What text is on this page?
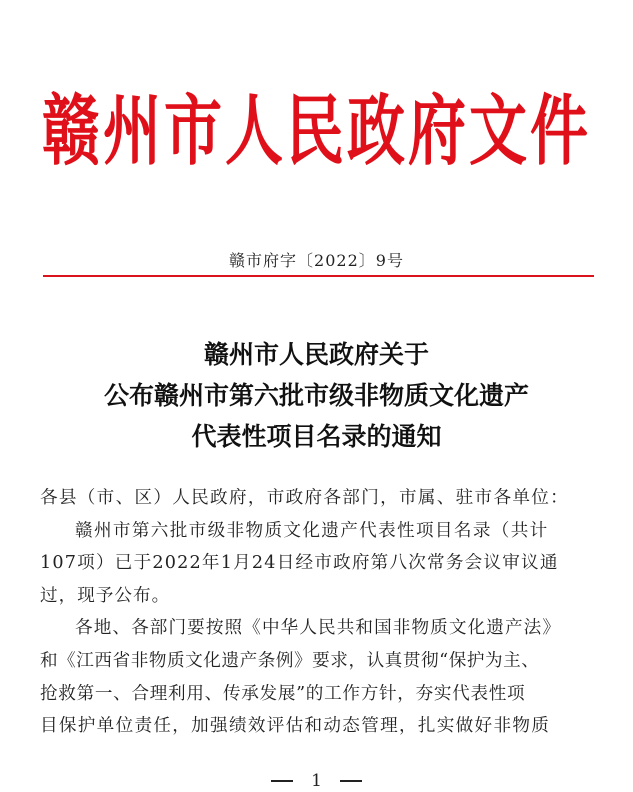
赣州市人民政府文件
赣市府字〔2022〕9号
赣州市人民政府关于
公布赣州市第六批市级非物质文化遗产
代表性项目名录的通知
各县（市、区）人民政府，市政府各部门，市属、驻市各单位：
赣州市第六批市级非物质文化遗产代表性项目名录（共计
107项）已于2022年1月24日经市政府第八次常务会议审议通
过，现予公布。
各地、各部门要按照《中华人民共和国非物质文化遗产法》
和《江西省非物质文化遗产条例》要求，认真贯彻“保护为主、
抢救第一、合理利用、传承发展”的工作方针，夯实代表性项
目保护单位责任，加强绩效评估和动态管理，扎实做好非物质
1
